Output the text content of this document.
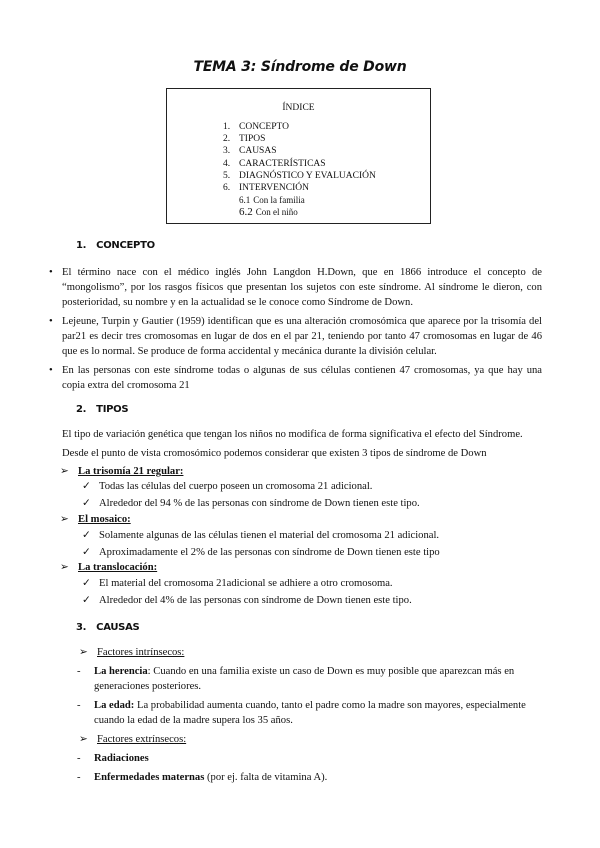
TEMA 3: Síndrome de Down
ÍNDICE
1. CONCEPTO
2. TIPOS
3. CAUSAS
4. CARACTERÍSTICAS
5. DIAGNÓSTICO Y EVALUACIÓN
6. INTERVENCIÓN
6.1 Con la familia
6.2 Con el niño
1. CONCEPTO
• El término nace con el médico inglés John Langdon H.Down, que en 1866 introduce el concepto de “mongolismo”, por los rasgos físicos que presentan los sujetos con este síndrome. Al síndrome le dieron, con posterioridad, su nombre y en la actualidad se le conoce como Síndrome de Down.
• Lejeune, Turpin y Gautier (1959) identifican que es una alteración cromosómica que aparece por la trisomía del par21 es decir tres cromosomas en lugar de dos en el par 21, teniendo por tanto 47 cromosomas en lugar de 46 que es lo normal. Se produce de forma accidental y mecánica durante la división celular.
• En las personas con este síndrome todas o algunas de sus células contienen 47 cromosomas, ya que hay una copia extra del cromosoma 21
2. TIPOS
El tipo de variación genética que tengan los niños no modifica de forma significativa el efecto del Síndrome.
Desde el punto de vista cromosómico podemos considerar que existen 3 tipos de síndrome de Down
➢ La trisomía 21 regular:
✓ Todas las células del cuerpo poseen un cromosoma 21 adicional.
✓ Alrededor del 94 % de las personas con síndrome de Down tienen este tipo.
➢ El mosaico:
✓ Solamente algunas de las células tienen el material del cromosoma 21 adicional.
✓ Aproximadamente el 2% de las personas con síndrome de Down tienen este tipo
➢ La translocación:
✓ El material del cromosoma 21adicional se adhiere a otro cromosoma.
✓ Alrededor del 4% de las personas con síndrome de Down tienen este tipo.
3. CAUSAS
➢ Factores intrínsecos:
- La herencia: Cuando en una familia existe un caso de Down es muy posible que aparezcan más en generaciones posteriores.
- La edad: La probabilidad aumenta cuando, tanto el padre como la madre son mayores, especialmente cuando la edad de la madre supera los 35 años.
➢ Factores extrínsecos:
- Radiaciones
- Enfermedades maternas (por ej. falta de vitamina A).
